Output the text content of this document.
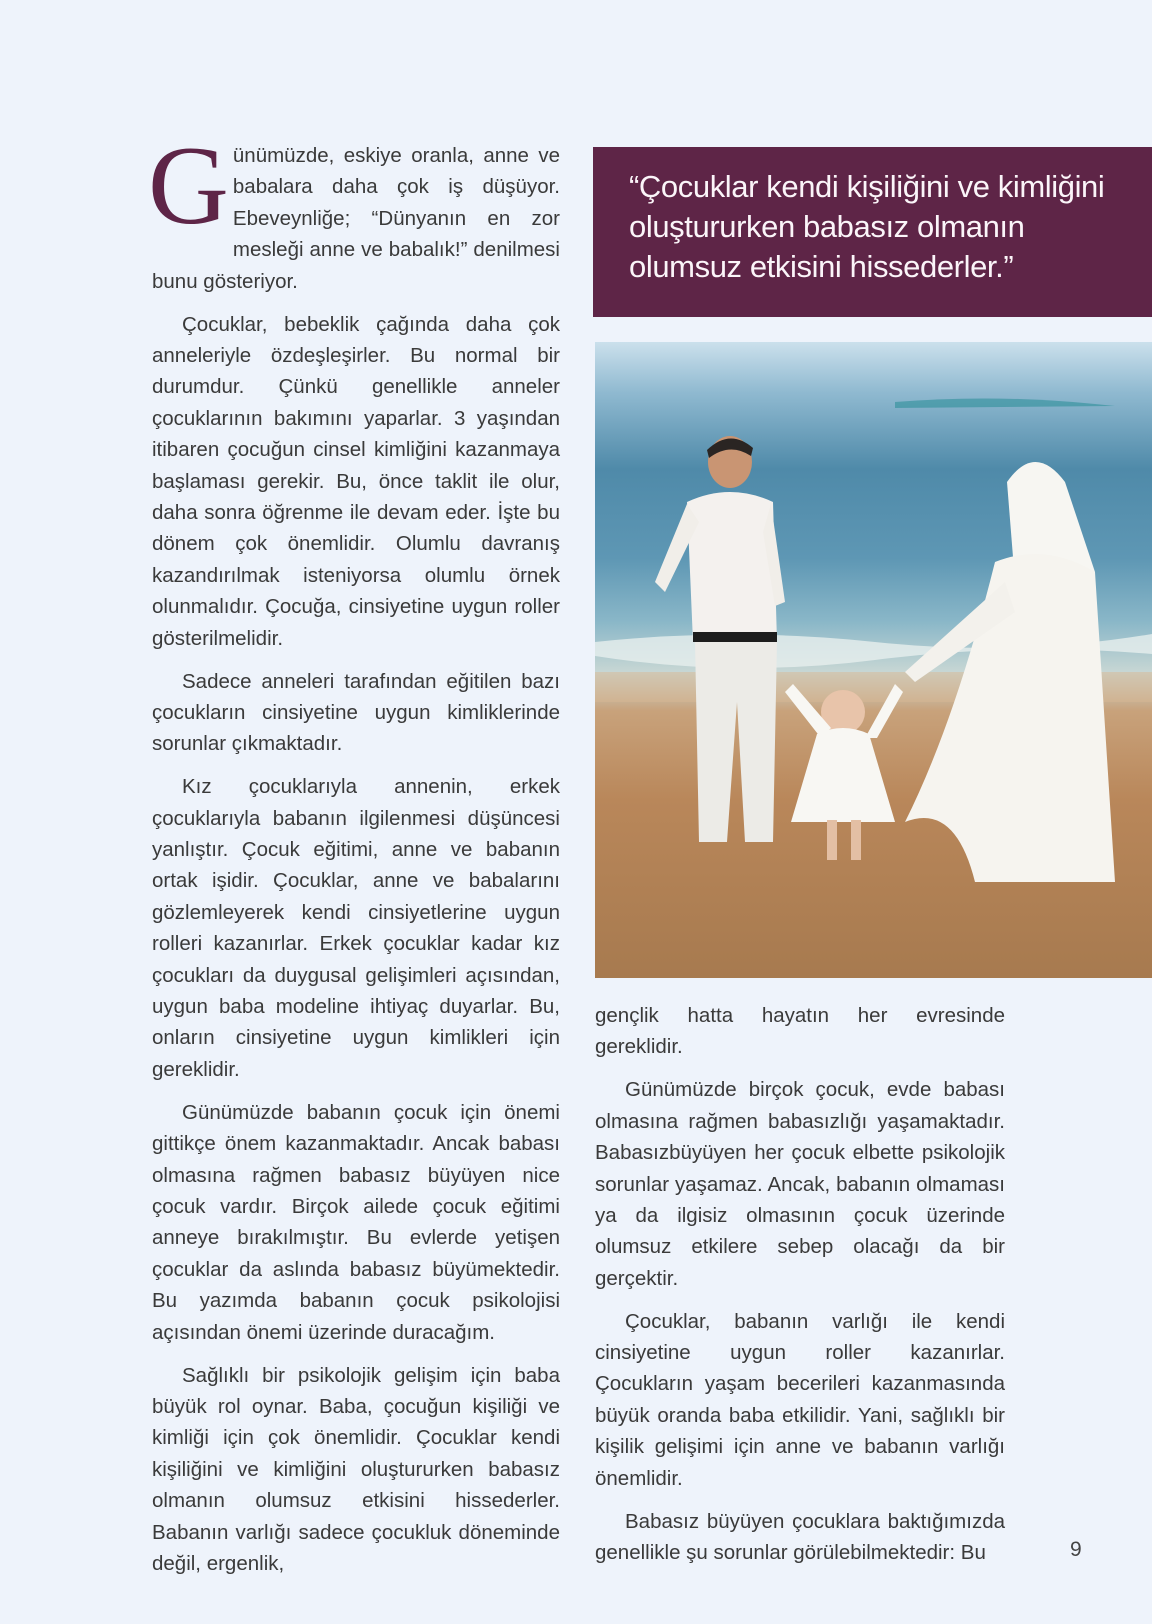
Günümüzde, eskiye oranla, anne ve babalara daha çok iş düşüyor. Ebeveynliğe; “Dünyanın en zor mesleği anne ve babalık!” denilmesi bunu gösteriyor.

Çocuklar, bebeklik çağında daha çok anneleriyle özdeşleşirler. Bu normal bir durumdur. Çünkü genellikle anneler çocuklarının bakımını yaparlar. 3 yaşından itibaren çocuğun cinsel kimliğini kazanmaya başlaması gerekir. Bu, önce taklit ile olur, daha sonra öğrenme ile devam eder. İşte bu dönem çok önemlidir. Olumlu davranış kazandırılmak isteniyorsa olumlu örnek olunmalıdır. Çocuğa, cinsiyetine uygun roller gösterilmelidir.

Sadece anneleri tarafından eğitilen bazı çocukların cinsiyetine uygun kimliklerinde sorunlar çıkmaktadır.

Kız çocuklarıyla annenin, erkek çocuklarıyla babanın ilgilenmesi düşüncesi yanlıştır. Çocuk eğitimi, anne ve babanın ortak işidir. Çocuklar, anne ve babalarını gözlemleyerek kendi cinsiyetlerine uygun rolleri kazanırlar. Erkek çocuklar kadar kız çocukları da duygusal gelişimleri açısından, uygun baba modeline ihtiyaç duyarlar. Bu, onların cinsiyetine uygun kimlikleri için gereklidir.

Günümüzde babanın çocuk için önemi gittikçe önem kazanmaktadır. Ancak babası olmasına rağmen babasız büyüyen nice çocuk vardır. Birçok ailede çocuk eğitimi anneye bırakılmıştır. Bu evlerde yetişen çocuklar da aslında babasız büyümektedir. Bu yazımda babanın çocuk psikolojisi açısından önemi üzerinde duracağım.

Sağlıklı bir psikolojik gelişim için baba büyük rol oynar. Baba, çocuğun kişiliği ve kimliği için çok önemlidir. Çocuklar kendi kişiliğini ve kimliğini oluştururken babasız olmanın olumsuz etkisini hissederler. Babanın varlığı sadece çocukluk döneminde değil, ergenlik,

“Çocuklar kendi kişiliğini ve kimliğini oluştururken babasız olmanın olumsuz etkisini hissederler.”

gençlik hatta hayatın her evresinde gereklidir.

Günümüzde birçok çocuk, evde babası olmasına rağmen babasızlığı yaşamaktadır. Babasızbüyüyen her çocuk elbette psikolojik sorunlar yaşamaz. Ancak, babanın olmaması ya da ilgisiz olmasının çocuk üzerinde olumsuz etkilere sebep olacağı da bir gerçektir.

Çocuklar, babanın varlığı ile kendi cinsiyetine uygun roller kazanırlar. Çocukların yaşam becerileri kazanmasında büyük oranda baba etkilidir. Yani, sağlıklı bir kişilik gelişimi için anne ve babanın varlığı önemlidir.

Babasız büyüyen çocuklara baktığımızda genellikle şu sorunlar görülebilmektedir: Bu	9
